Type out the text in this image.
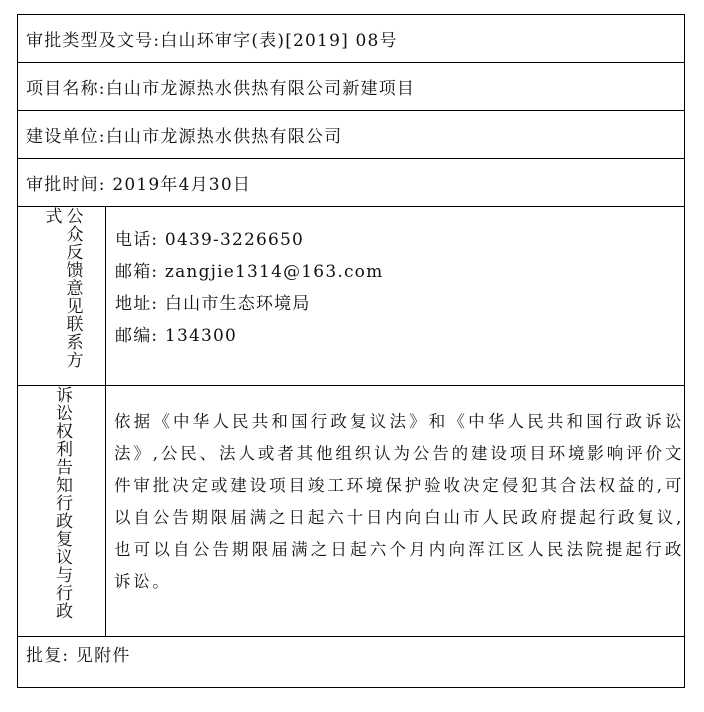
审批类型及文号:白山环审字(表)[2019] 08号
项目名称:白山市龙源热水供热有限公司新建项目
建设单位:白山市龙源热水供热有限公司
审批时间: 2019年4月30日
公众反馈意见联系方式
电话: 0439-3226650
邮箱: zangjie1314@163.com
地址: 白山市生态环境局
邮编: 134300
诉讼权利告知行政复议与行政	依据《中华人民共和国行政复议法》和《中华人民共和国行政诉讼法》,公民、法人或者其他组织认为公告的建设项目环境影响评价文件审批决定或建设项目竣工环境保护验收决定侵犯其合法权益的,可以自公告期限届满之日起六十日内向白山市人民政府提起行政复议,也可以自公告期限届满之日起六个月内向浑江区人民法院提起行政诉讼。

批复: 见附件
